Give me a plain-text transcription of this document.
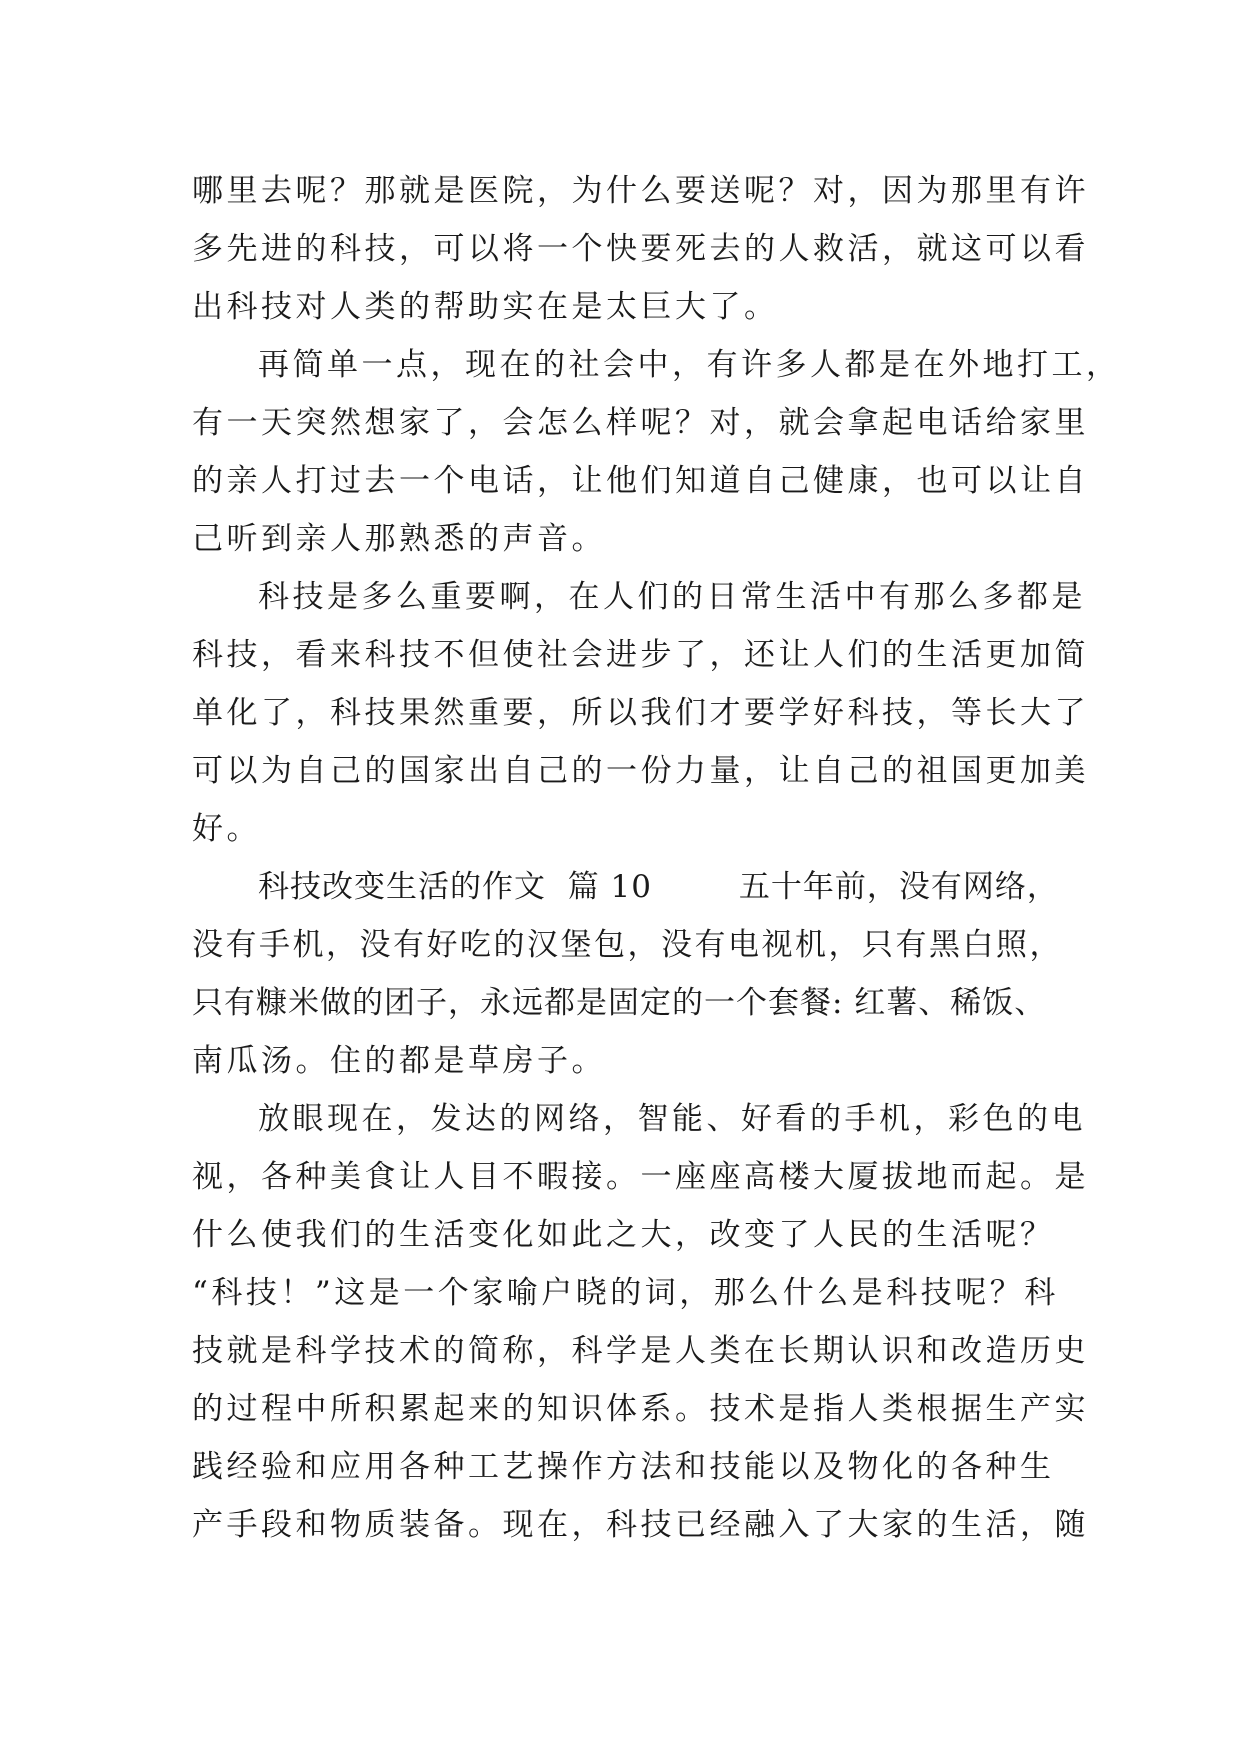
哪里去呢？那就是医院，为什么要送呢？对，因为那里有许
多先进的科技，可以将一个快要死去的人救活，就这可以看
出科技对人类的帮助实在是太巨大了。
再简单一点，现在的社会中，有许多人都是在外地打工，
有一天突然想家了，会怎么样呢？对，就会拿起电话给家里
的亲人打过去一个电话，让他们知道自己健康，也可以让自
己听到亲人那熟悉的声音。
科技是多么重要啊，在人们的日常生活中有那么多都是
科技，看来科技不但使社会进步了，还让人们的生活更加简
单化了，科技果然重要，所以我们才要学好科技，等长大了
可以为自己的国家出自己的一份力量，让自己的祖国更加美
好。
科技改变生活的作文  篇 10        五十年前，没有网络，
没有手机，没有好吃的汉堡包，没有电视机，只有黑白照，
只有糠米做的团子，永远都是固定的一个套餐: 红薯、稀饭、
南瓜汤。住的都是草房子。
放眼现在，发达的网络，智能、好看的手机，彩色的电
视，各种美食让人目不暇接。一座座高楼大厦拔地而起。是
什么使我们的生活变化如此之大，改变了人民的生活呢？
“科技！”这是一个家喻户晓的词，那么什么是科技呢？科
技就是科学技术的简称，科学是人类在长期认识和改造历史
的过程中所积累起来的知识体系。技术是指人类根据生产实
践经验和应用各种工艺操作方法和技能以及物化的各种生
产手段和物质装备。现在，科技已经融入了大家的生活，随
